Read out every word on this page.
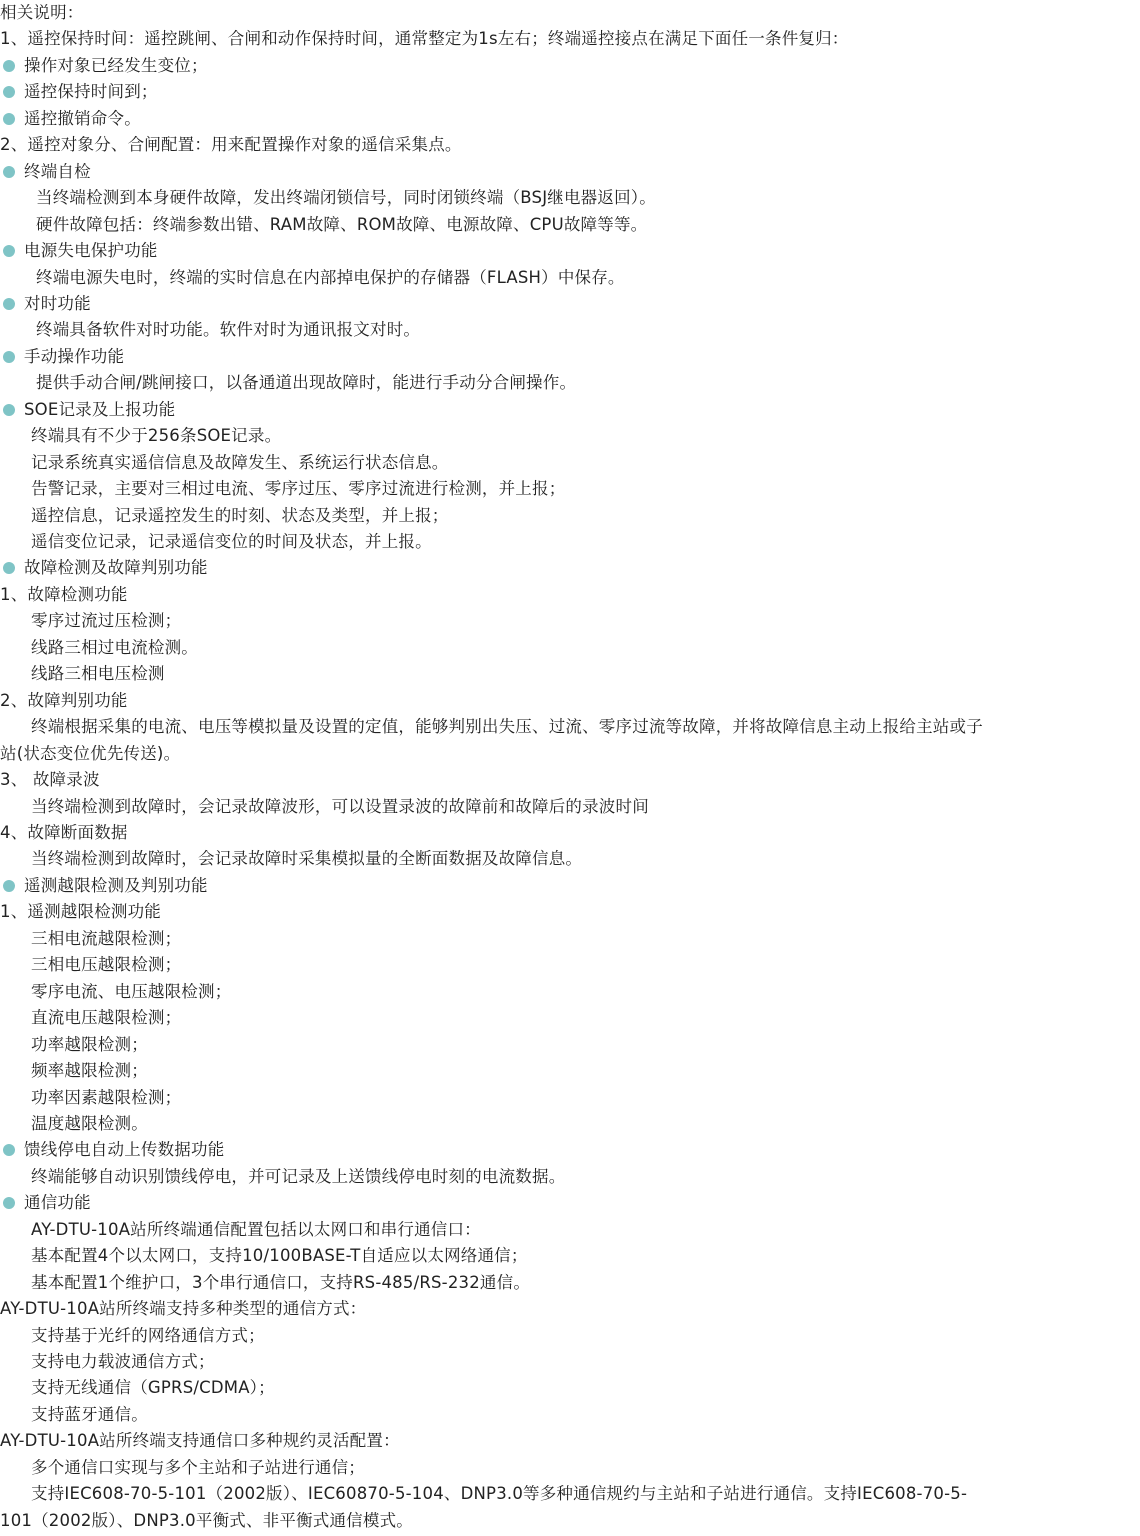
相关说明：
1、遥控保持时间：遥控跳闸、合闸和动作保持时间，通常整定为1s左右；终端遥控接点在满足下面任一条件复归：
操作对象已经发生变位；
遥控保持时间到；
遥控撤销命令。
2、遥控对象分、合闸配置：用来配置操作对象的遥信采集点。
终端自检
当终端检测到本身硬件故障，发出终端闭锁信号，同时闭锁终端（BSJ继电器返回）。
硬件故障包括：终端参数出错、RAM故障、ROM故障、电源故障、CPU故障等等。
电源失电保护功能
终端电源失电时，终端的实时信息在内部掉电保护的存储器（FLASH）中保存。
对时功能
终端具备软件对时功能。软件对时为通讯报文对时。
手动操作功能
提供手动合闸/跳闸接口，以备通道出现故障时，能进行手动分合闸操作。
SOE记录及上报功能
终端具有不少于256条SOE记录。
记录系统真实遥信信息及故障发生、系统运行状态信息。
告警记录，主要对三相过电流、零序过压、零序过流进行检测，并上报；
遥控信息，记录遥控发生的时刻、状态及类型，并上报；
遥信变位记录，记录遥信变位的时间及状态，并上报。
故障检测及故障判别功能
1、故障检测功能
零序过流过压检测；
线路三相过电流检测。
线路三相电压检测
2、故障判别功能
终端根据采集的电流、电压等模拟量及设置的定值，能够判别出失压、过流、零序过流等故障，并将故障信息主动上报给主站或子
站(状态变位优先传送)。
3、 故障录波
当终端检测到故障时，会记录故障波形，可以设置录波的故障前和故障后的录波时间
4、故障断面数据
当终端检测到故障时，会记录故障时采集模拟量的全断面数据及故障信息。
遥测越限检测及判别功能
1、遥测越限检测功能
三相电流越限检测；
三相电压越限检测；
零序电流、电压越限检测；
直流电压越限检测；
功率越限检测；
频率越限检测；
功率因素越限检测；
温度越限检测。
馈线停电自动上传数据功能
终端能够自动识别馈线停电，并可记录及上送馈线停电时刻的电流数据。
通信功能
AY-DTU-10A站所终端通信配置包括以太网口和串行通信口：
基本配置4个以太网口，支持10/100BASE-T自适应以太网络通信；
基本配置1个维护口，3个串行通信口，支持RS-485/RS-232通信。
AY-DTU-10A站所终端支持多种类型的通信方式：
支持基于光纤的网络通信方式；
支持电力载波通信方式；
支持无线通信（GPRS/CDMA）；
支持蓝牙通信。
AY-DTU-10A站所终端支持通信口多种规约灵活配置：
多个通信口实现与多个主站和子站进行通信；
支持IEC608-70-5-101（2002版）、IEC60870-5-104、DNP3.0等多种通信规约与主站和子站进行通信。支持IEC608-70-5-
101（2002版）、DNP3.0平衡式、非平衡式通信模式。
